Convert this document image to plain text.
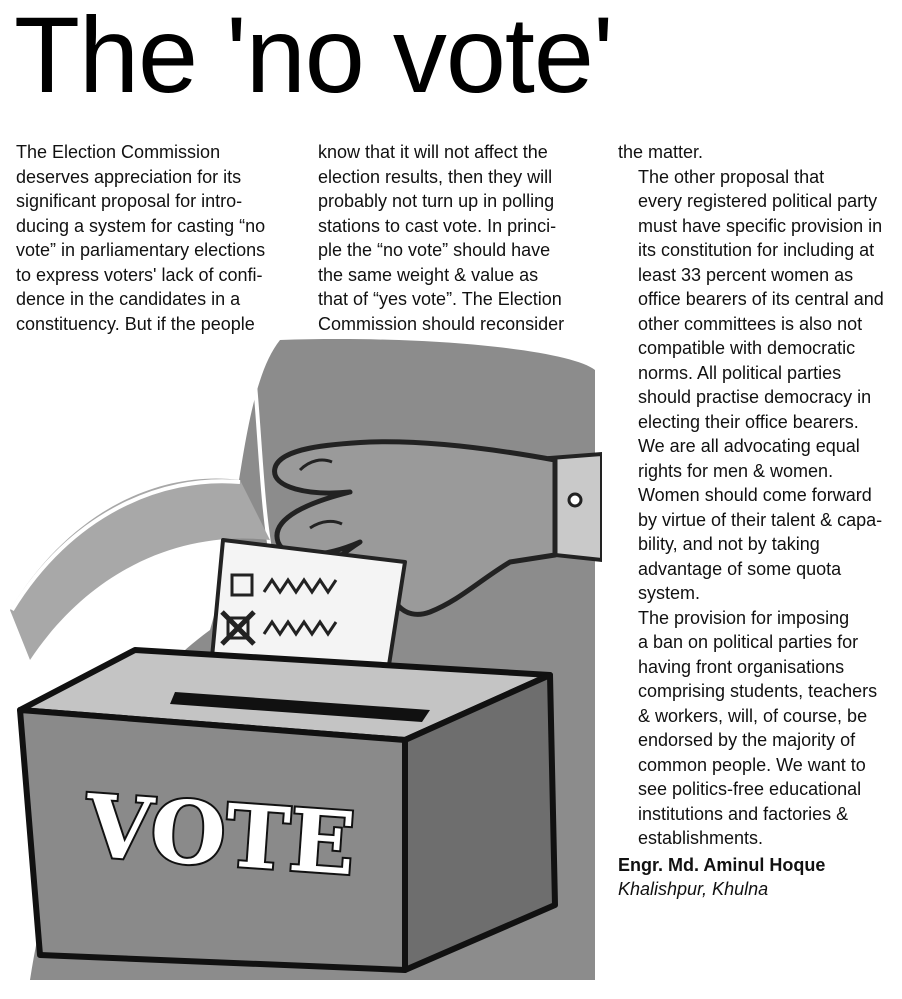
The 'no vote'

The Election Commission
deserves appreciation for its
significant proposal for intro-
ducing a system for casting “no
vote” in parliamentary elections
to express voters' lack of confi-
dence in the candidates in a
constituency. But if the people

know that it will not affect the
election results, then they will
probably not turn up in polling
stations to cast vote. In princi-
ple the “no vote” should have
the same weight & value as
that of “yes vote”. The Election
Commission should reconsider

the matter.

The other proposal that
every registered political party
must have specific provision in
its constitution for including at
least 33 percent women as
office bearers of its central and
other committees is also not
compatible with democratic
norms. All political parties
should practise democracy in
electing their office bearers.
We are all advocating equal
rights for men & women.
Women should come forward
by virtue of their talent & capa-
bility, and not by taking
advantage of some quota
system.

The provision for imposing
a ban on political parties for
having front organisations
comprising students, teachers
& workers, will, of course, be
endorsed by the majority of
common people. We want to
see politics-free educational
institutions and factories &
establishments.

Engr. Md. Aminul Hoque
Khalishpur, Khulna

VOTE
